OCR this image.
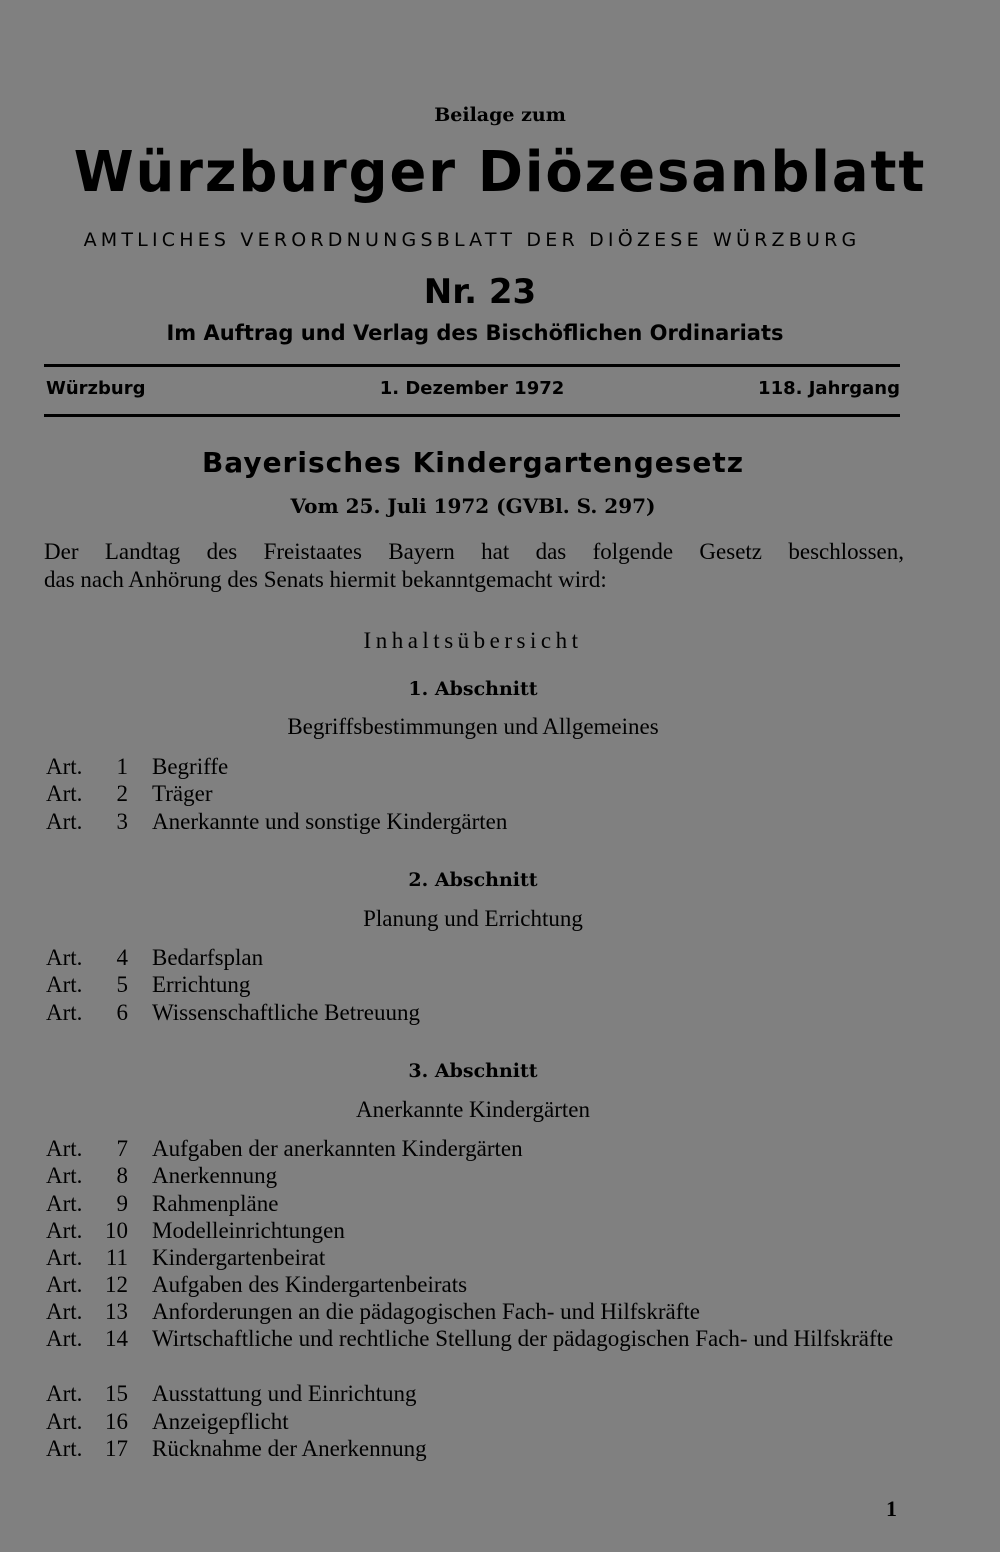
Beilage zum
Würzburger Diözesanblatt
AMTLICHES VERORDNUNGSBLATT DER DIÖZESE WÜRZBURG
Nr. 23
Im Auftrag und Verlag des Bischöflichen Ordinariats
Würzburg	1. Dezember 1972	118. Jahrgang
Bayerisches Kindergartengesetz
Vom 25. Juli 1972 (GVBl. S. 297)
Der Landtag des Freistaates Bayern hat das folgende Gesetz beschlossen,
das nach Anhörung des Senats hiermit bekanntgemacht wird:
Inhaltsübersicht
1. Abschnitt
Begriffsbestimmungen und Allgemeines
Art.	1 Begriffe
Art.	2 Träger
Art.	3 Anerkannte und sonstige Kindergärten
2. Abschnitt
Planung und Errichtung
Art.	4 Bedarfsplan
Art.	5 Errichtung
Art.	6 Wissenschaftliche Betreuung
3. Abschnitt
Anerkannte Kindergärten
Art.	7 Aufgaben der anerkannten Kindergärten
Art.	8 Anerkennung
Art.	9 Rahmenpläne
Art. 10 Modelleinrichtungen
Art.	11 Kindergartenbeirat
Art. 12 Aufgaben des Kindergartenbeirats
Art. 13 Anforderungen an die pädagogischen Fach- und Hilfskräfte
Art. 14 Wirtschaftliche und rechtliche Stellung der pädagogischen Fach- und Hilfskräfte
Art. 15 Ausstattung und Einrichtung
Art. 16 Anzeigepflicht
Art. 17 Rücknahme der Anerkennung
1
